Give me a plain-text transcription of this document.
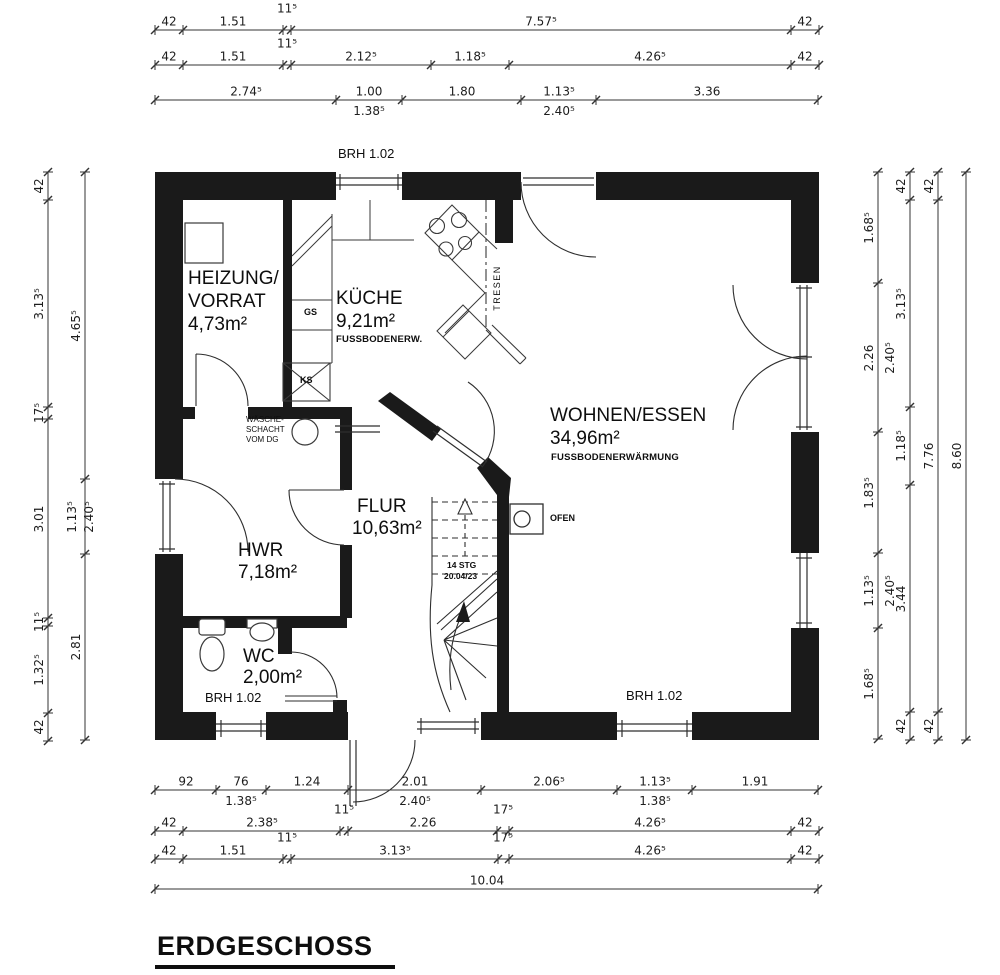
HEIZUNG/
VORRAT
4,73m²
KÜCHE
9,21m²
FUSSBODENERW.
WOHNEN/ESSEN
34,96m²
FUSSBODENERWÄRMUNG
FLUR
10,63m²
HWR
7,18m²
WC
2,00m²
BRH 1.02
BRH 1.02	BRH 1.02
TRESEN
OFEN
GS
KS
WÄSCHE-
SCHACHT
VOM DG
14 STG
20.04/23
42	1.51
11⁵
7.57⁵	42
42	1.51
11⁵
2.12⁵	1.18⁵	4.26⁵	42
2.74⁵	1.00	1.80	1.13⁵	3.36
1.38⁵	2.40⁵
92	76	1.24	2.01	2.06⁵	1.13⁵	1.91
1.38⁵	2.40⁵	1.38⁵
42	2.38⁵
11⁵
2.26
17⁵
4.26⁵	42
42	1.51
11⁵
3.13⁵
17⁵
4.26⁵	42
10.04
42
3.13⁵
17⁵
3.01
11⁵
1.32⁵
42
4.65⁵
1.13⁵ 2.40⁵
2.81
1.68⁵
2.26 2.40⁵
1.83⁵
1.13⁵ 2.40⁵
1.68⁵
42
3.13⁵
1.18⁵
3.44
42
42
7.76
42
8.60
ERDGESCHOSS
